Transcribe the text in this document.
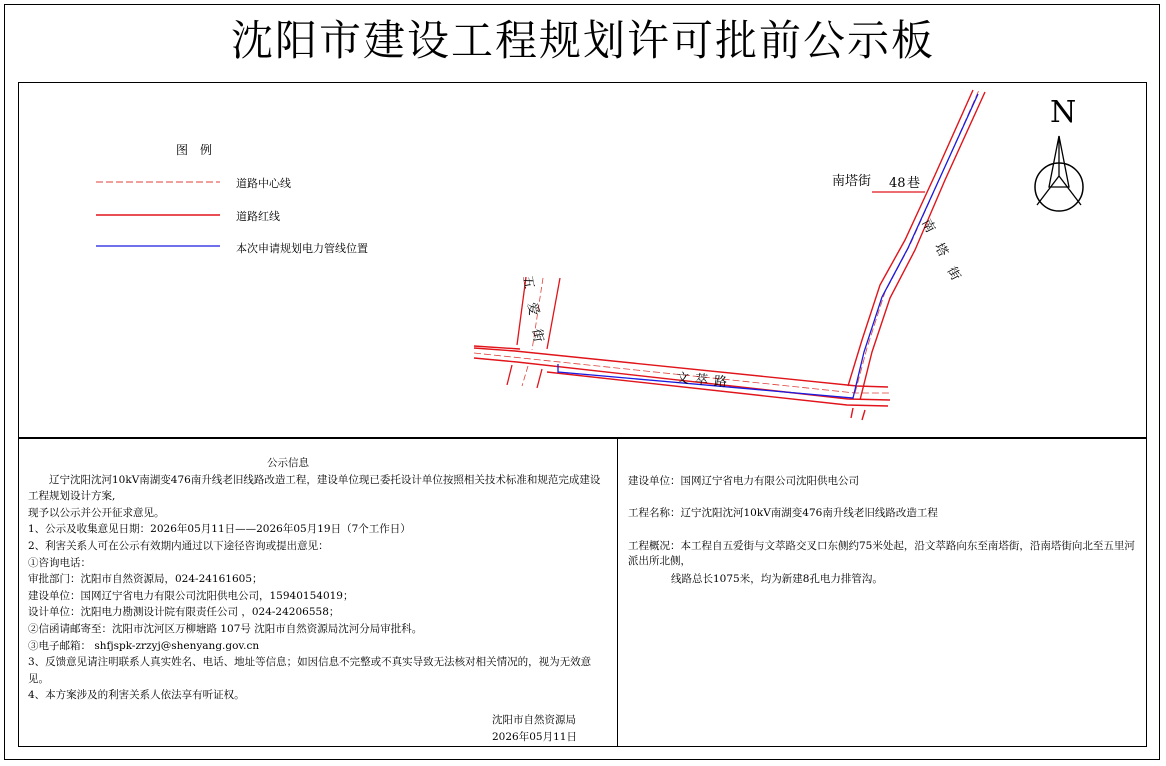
沈阳市建设工程规划许可批前公示板
南塔街 48 巷
南塔街
五爱街
文萃路
N
图例
道路中心线
道路红线
本次申请规划电力管线位置

公示信息

辽宁沈阳沈河10kV南湖变476南升线老旧线路改造工程，建设单位现已委托设计单位按照相关技术标准和规范完成建设工程规划设计方案,

现予以公示并公开征求意见。

1、公示及收集意见日期：2026年05月11日——2026年05月19日（7个工作日）

2、利害关系人可在公示有效期内通过以下途径咨询或提出意见：

①咨询电话：

审批部门：沈阳市自然资源局，024-24161605；

建设单位：国网辽宁省电力有限公司沈阳供电公司，15940154019；

设计单位：沈阳电力勘测设计院有限责任公司 ，024-24206558；

②信函请邮寄至：沈阳市沈河区万柳塘路 107号 沈阳市自然资源局沈河分局审批科。

③电子邮箱： shfjspk-zrzyj@shenyang.gov.cn

3、反馈意见请注明联系人真实姓名、电话、地址等信息；如因信息不完整或不真实导致无法核对相关情况的，视为无效意见。

4、本方案涉及的利害关系人依法享有听证权。

沈阳市自然资源局
2026年05月11日
建设单位：国网辽宁省电力有限公司沈阳供电公司
工程名称：辽宁沈阳沈河10kV南湖变476南升线老旧线路改造工程
工程概况：本工程自五爱街与文萃路交叉口东侧约75米处起，沿文萃路向东至南塔街，沿南塔街向北至五里河派出所北侧，
线路总长1075米，均为新建8孔电力排管沟。
